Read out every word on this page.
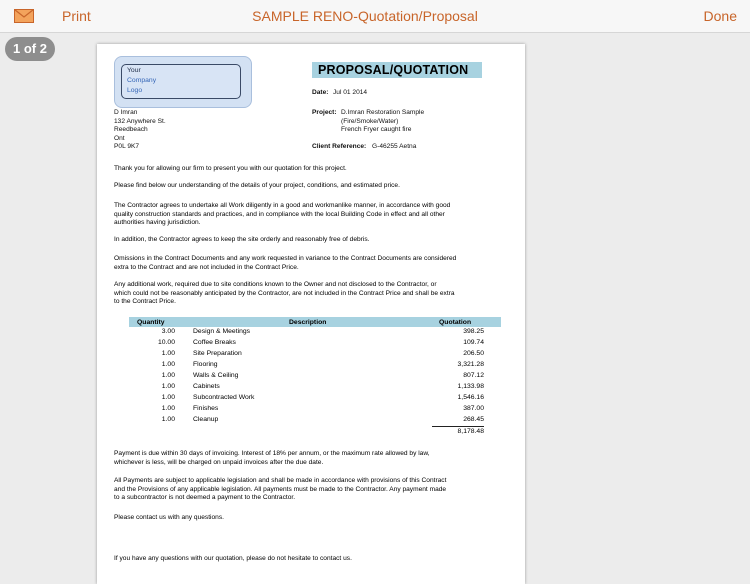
Print	SAMPLE RENO-Quotation/Proposal	Done
1 of 2
Your
Company
Logo
PROPOSAL/QUOTATION
Date: Jul 01 2014
D Imran
132 Anywhere St.
Reedbeach
Ont
P0L 9K7
Project: D.Imran Restoration Sample
(Fire/Smoke/Water)
French Fryer caught fire
Client Reference: G-46255 Aetna
Thank you for allowing our firm to present you with our quotation for this project.
Please find below our understanding of the details of your project, conditions, and estimated price.
The Contractor agrees to undertake all Work diligently in a good and workmanlike manner, in accordance with good
quality construction standards and practices, and in compliance with the local Building Code in effect and all other
authorities having jurisdiction.
In addition, the Contractor agrees to keep the site orderly and reasonably free of debris.
Omissions in the Contract Documents and any work requested in variance to the Contract Documents are considered
extra to the Contract and are not included in the Contract Price.
Any additional work, required due to site conditions known to the Owner and not disclosed to the Contractor, or
which could not be reasonably anticipated by the Contractor, are not included in the Contract Price and shall be extra
to the Contract Price.
Quantity	Description	Quotation
3.00	Design & Meetings	398.25
10.00	Coffee Breaks	109.74
1.00	Site Preparation	206.50
1.00	Flooring	3,321.28
1.00	Walls & Ceiling	807.12
1.00	Cabinets	1,133.98
1.00	Subcontracted Work	1,546.16
1.00	Finishes	387.00
1.00	Cleanup	268.45
8,178.48
Payment is due within 30 days of invoicing. Interest of 18% per annum, or the maximum rate allowed by law,
whichever is less, will be charged on unpaid invoices after the due date.
All Payments are subject to applicable legislation and shall be made in accordance with provisions of this Contract
and the Provisions of any applicable legislation. All payments must be made to the Contractor. Any payment made
to a subcontractor is not deemed a payment to the Contractor.
Please contact us with any questions.
If you have any questions with our quotation, please do not hesitate to contact us.
